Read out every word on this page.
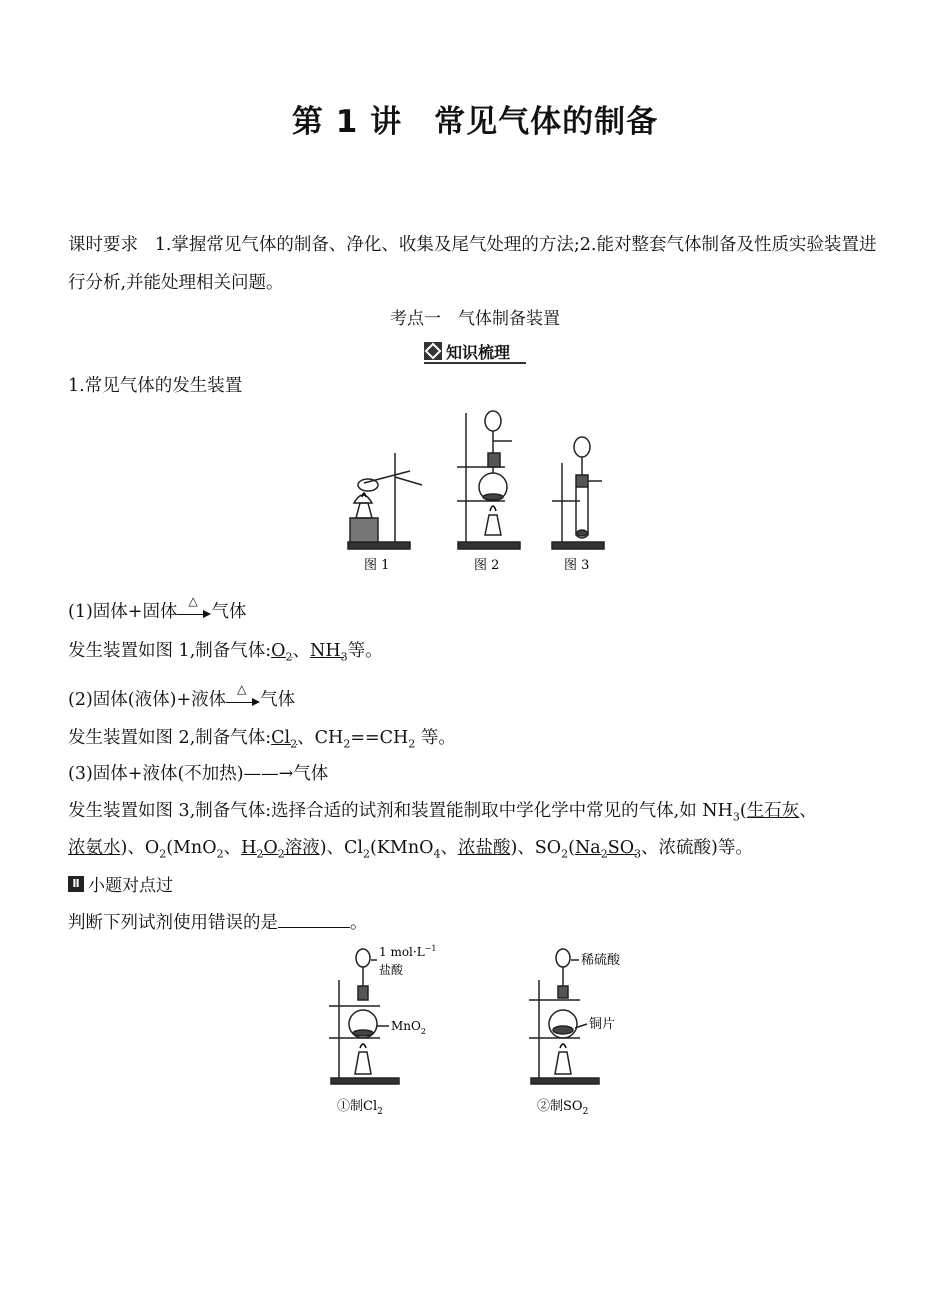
第 1 讲　常见气体的制备
课时要求 1.掌握常见气体的制备、净化、收集及尾气处理的方法;2.能对整套气体制备及性质实验装置进行分析,并能处理相关问题。
考点一　气体制备装置
知识梳理
1.常见气体的发生装置
图 1	图 2	图 3
(1)固体+固体
△
气体
发生装置如图 1,制备气体$:O_2$、$NH_3$等。
(2)固体(液体)+液体
△
气体
发生装置如图 2,制备气体$:Cl_2$、$CH_2==CH_2$ 等。
(3)固体+液体(不加热)——→气体
发生装置如图 3,制备气体:选择合适的试剂和装置能制取中学化学中常见的气体,如 $NH_3$(生石灰、
浓氨水)、$O_2(MnO_2$、$H_2O_2$溶液)、$Cl_2(KMnO_4$、浓盐酸)、$SO_2(Na_2SO_3$、浓硫酸)等。
Ⅱ 小题对点过
判断下列试剂使用错误的是	。
1 $mol\cdot L^{-1}$
盐酸
MnO$_2$
①制$Cl_2$
稀硫酸
铜片
②制$SO_2$
